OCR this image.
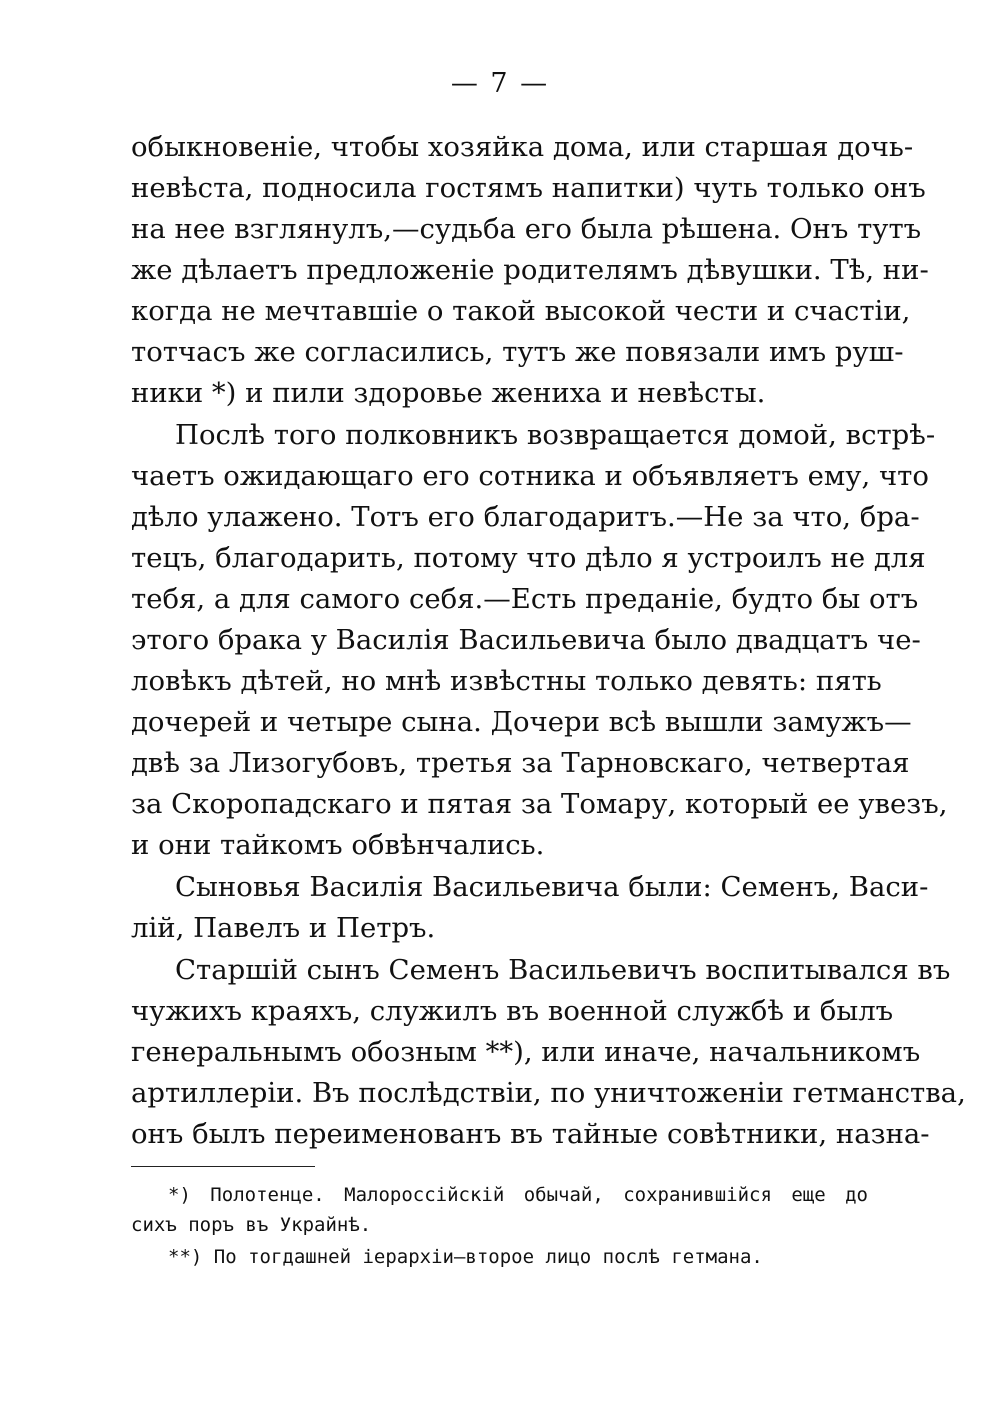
— 7 —
обыкновеніе, чтобы хозяйка дома, или старшая дочь-
невѣста, подносила гостямъ напитки) чуть только онъ
на нее взглянулъ,—судьба его была рѣшена. Онъ тутъ
же дѣлаетъ предложеніе родителямъ дѣвушки. Тѣ, ни-
когда не мечтавшіе о такой высокой чести и счастіи,
тотчасъ же согласились, тутъ же повязали имъ руш-
ники *) и пили здоровье жениха и невѣсты.
Послѣ того полковникъ возвращается домой, встрѣ-
чаетъ ожидающаго его сотника и объявляетъ ему, что
дѣло улажено. Тотъ его благодаритъ.—Не за что, бра-
тецъ, благодарить, потому что дѣло я устроилъ не для
тебя, а для самого себя.—Есть преданіе, будто бы отъ
этого брака у Василія Васильевича было двадцатъ че-
ловѣкъ дѣтей, но мнѣ извѣстны только девять: пять
дочерей и четыре сына. Дочери всѣ вышли замужъ—
двѣ за Лизогубовъ, третья за Тарновскаго, четвертая
за Скоропадскаго и пятая за Томару, который ее увезъ,
и они тайкомъ обвѣнчались.
Сыновья Василія Васильевича были: Семенъ, Васи-
лій, Павелъ и Петръ.
Старшій сынъ Семенъ Васильевичъ воспитывался въ
чужихъ краяхъ, служилъ въ военной службѣ и былъ
генеральнымъ обозным **), или иначе, начальникомъ
артиллеріи. Въ послѣдствіи, по уничтоженіи гетманства,
онъ былъ переименованъ въ тайные совѣтники, назна-
*) Полотенце. Малороссійскій обычай, сохранившійся еще до
сихъ поръ въ Украйнѣ.
**) По тогдашней іерархіи—второе лицо послѣ гетмана.
